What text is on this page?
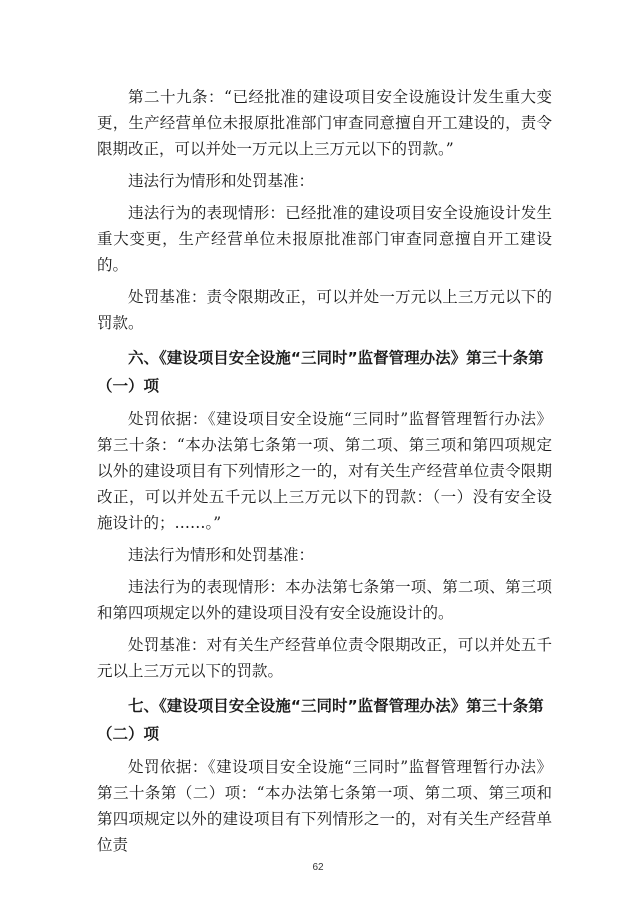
第二十九条：“已经批准的建设项目安全设施设计发生重大变更，生产经营单位未报原批准部门审查同意擅自开工建设的，责令限期改正，可以并处一万元以上三万元以下的罚款。”

违法行为情形和处罚基准：

违法行为的表现情形：已经批准的建设项目安全设施设计发生重大变更，生产经营单位未报原批准部门审查同意擅自开工建设的。

处罚基准：责令限期改正，可以并处一万元以上三万元以下的罚款。

六、《建设项目安全设施“三同时”监督管理办法》第三十条第（一）项

处罚依据：《建设项目安全设施“三同时”监督管理暂行办法》第三十条：“本办法第七条第一项、第二项、第三项和第四项规定以外的建设项目有下列情形之一的，对有关生产经营单位责令限期改正，可以并处五千元以上三万元以下的罚款：（一）没有安全设施设计的；……。”

违法行为情形和处罚基准：

违法行为的表现情形：本办法第七条第一项、第二项、第三项和第四项规定以外的建设项目没有安全设施设计的。

处罚基准：对有关生产经营单位责令限期改正，可以并处五千元以上三万元以下的罚款。

七、《建设项目安全设施“三同时”监督管理办法》第三十条第（二）项

处罚依据：《建设项目安全设施“三同时”监督管理暂行办法》第三十条第（二）项：“本办法第七条第一项、第二项、第三项和第四项规定以外的建设项目有下列情形之一的，对有关生产经营单位责

62
